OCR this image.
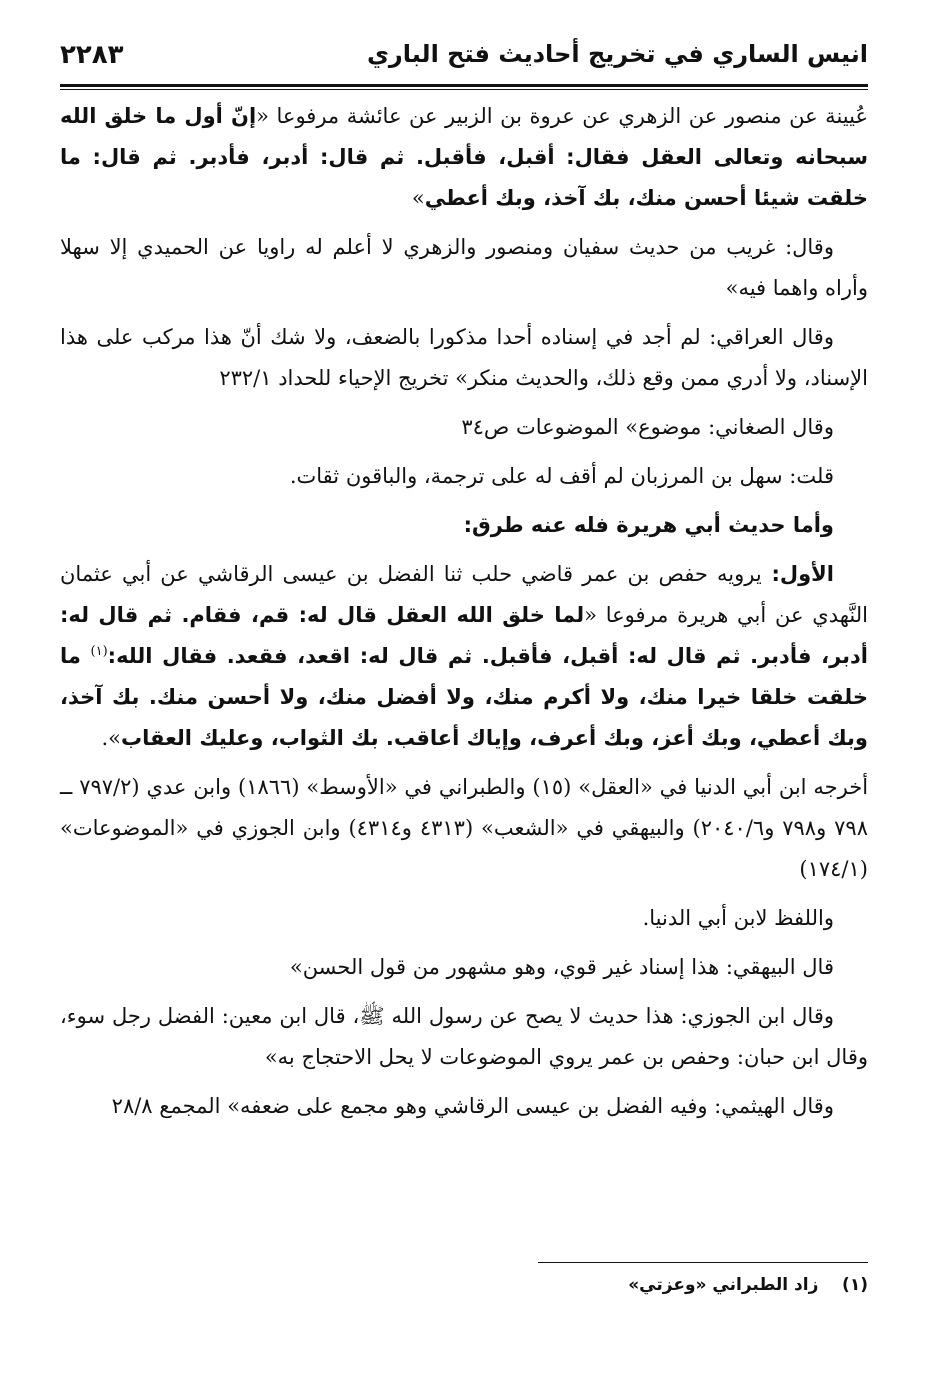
انيس الساري في تخريج أحاديث فتح الباري
٢٢٨٣

عُيينة عن منصور عن الزهري عن عروة بن الزبير عن عائشة مرفوعا «إنّ أول ما خلق الله سبحانه وتعالى العقل فقال: أقبل، فأقبل. ثم قال: أدبر، فأدبر. ثم قال: ما خلقت شيئا أحسن منك، بك آخذ، وبك أعطي»

وقال: غريب من حديث سفيان ومنصور والزهري لا أعلم له راويا عن الحميدي إلا سهلا وأراه واهما فيه»

وقال العراقي: لم أجد في إسناده أحدا مذكورا بالضعف، ولا شك أنّ هذا مركب على هذا الإسناد، ولا أدري ممن وقع ذلك، والحديث منكر» تخريج الإحياء للحداد ٢٣٢/١

وقال الصغاني: موضوع» الموضوعات ص٣٤

قلت: سهل بن المرزبان لم أقف له على ترجمة، والباقون ثقات.

وأما حديث أبي هريرة فله عنه طرق:

الأول: يرويه حفص بن عمر قاضي حلب ثنا الفضل بن عيسى الرقاشي عن أبي عثمان النَّهدي عن أبي هريرة مرفوعا «لما خلق الله العقل قال له: قم، فقام. ثم قال له: أدبر، فأدبر. ثم قال له: أقبل، فأقبل. ثم قال له: اقعد، فقعد. فقال الله:$^{(١)}$ ما خلقت خلقا خيرا منك، ولا أكرم منك، ولا أفضل منك، ولا أحسن منك. بك آخذ، وبك أعطي، وبك أعز، وبك أعرف، وإياك أعاقب. بك الثواب، وعليك العقاب».

أخرجه ابن أبي الدنيا في «العقل» (١٥) والطبراني في «الأوسط» (١٨٦٦) وابن عدي (٧٩٧/٢ ــ ٧٩٨ و٧٩٨ و٢٠٤٠/٦) والبيهقي في «الشعب» (٤٣١٣ و٤٣١٤) وابن الجوزي في «الموضوعات» (١٧٤/١)

واللفظ لابن أبي الدنيا.

قال البيهقي: هذا إسناد غير قوي، وهو مشهور من قول الحسن»

وقال ابن الجوزي: هذا حديث لا يصح عن رسول الله ﷺ، قال ابن معين: الفضل رجل سوء، وقال ابن حبان: وحفص بن عمر يروي الموضوعات لا يحل الاحتجاج به»

وقال الهيثمي: وفيه الفضل بن عيسى الرقاشي وهو مجمع على ضعفه» المجمع ٢٨/٨

(١)    زاد الطبراني «وعزتي»
